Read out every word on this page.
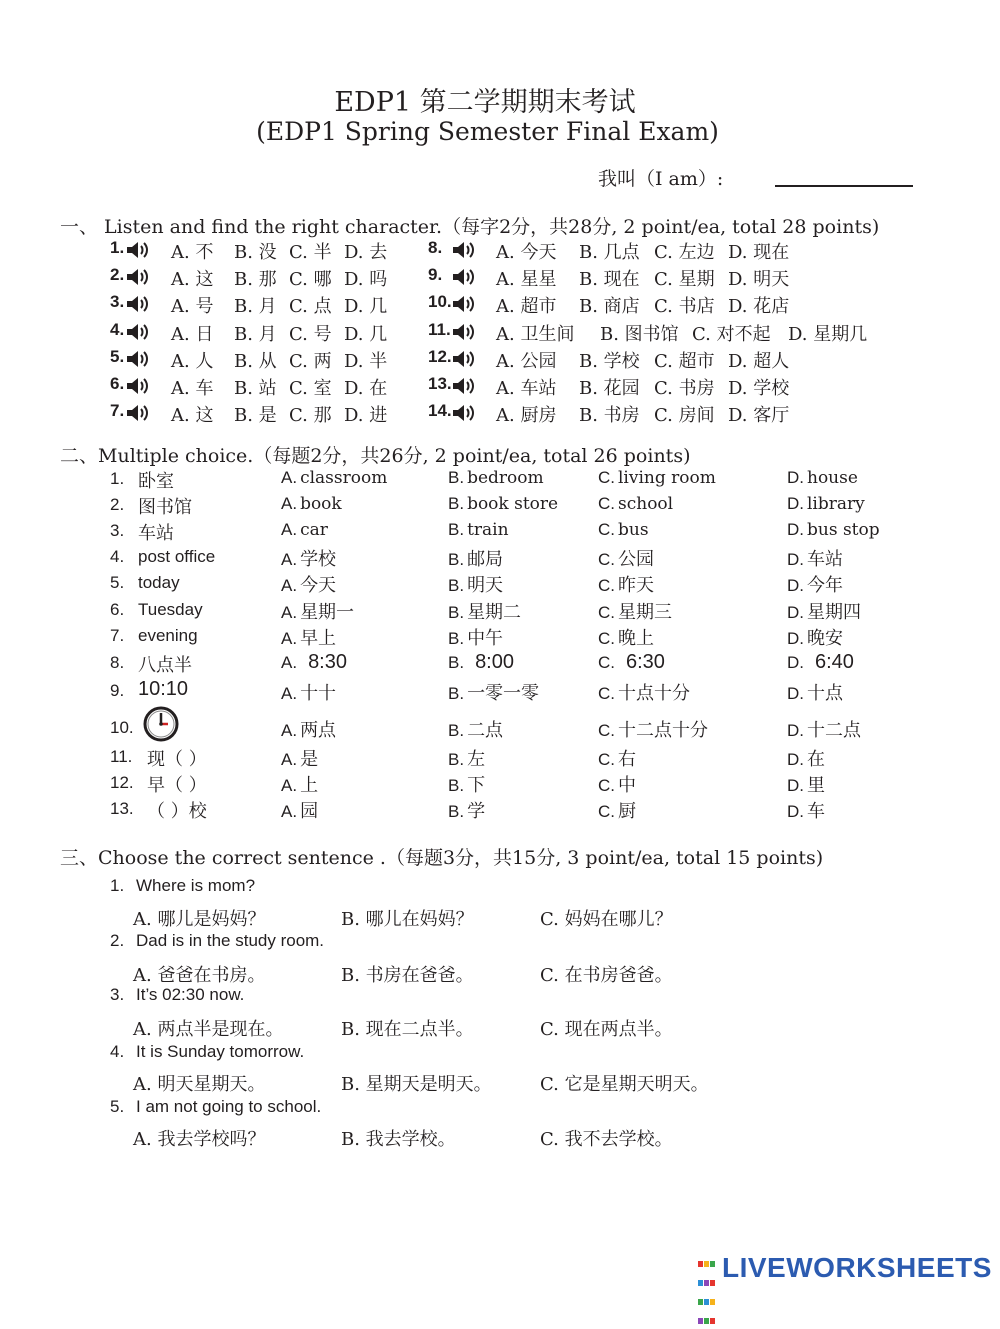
EDP1 第二学期期末考试
(EDP1 Spring Semester Final Exam)
我叫（I am）:
一、 Listen and find the right character.（每字2分，共28分, 2 point/ea, total 28 points)
1.	A. 不 B. 没 C. 半 D. 去
2.	A. 这 B. 那 C. 哪 D. 吗
3.	A. 号 B. 月 C. 点 D. 几
4.	A. 日 B. 月 C. 号 D. 几
5.	A. 人 B. 从 C. 两 D. 半
6.	A. 车 B. 站 C. 室 D. 在
7.	A. 这 B. 是 C. 那 D. 进
8.	A. 今天 B. 几点 C. 左边 D. 现在
9.	A. 星星 B. 现在 C. 星期 D. 明天
10. A. 超市 B. 商店 C. 书店 D. 花店
11.	A. 卫生间 B. 图书馆 C. 对不起 D. 星期几
12. A. 公园 B. 学校 C. 超市 D. 超人
13. A. 车站 B. 花园 C. 书房 D. 学校
14. A. 厨房 B. 书房 C. 房间 D. 客厅
二、Multiple choice.（每题2分，共26分, 2 point/ea, total 26 points)
1. 卧室	A. classroom	B. bedroom	C. living room	D. house
2. 图书馆	A. book	B. book store C. school	D. library
3. 车站	A. car	B. train	C. bus	D. bus stop
4. post office	A. 学校	B. 邮局	C. 公园	D. 车站
5. today	A. 今天	B. 明天	C. 昨天	D. 今年
6. Tuesday	A. 星期一	B. 星期二	C. 星期三	D. 星期四
7. evening	A. 早上	B. 中午	C. 晚上	D. 晚安
8. 八点半	A. 8:30	B. 8:00	C. 6:30	D. 6:40
9. 10:10	A. 十十	B. 一零一零	C. 十点十分	D. 十点
10.	A. 两点	B. 二点	C. 十二点十分	D. 十二点
11. 现（ ）	A. 是	B. 左	C. 右	D. 在
12. 早（ ）	A. 上	B. 下	C. 中	D. 里
13. （ ）校	A. 园	B. 学	C. 厨	D. 车
三、Choose the correct sentence .（每题3分，共15分, 3 point/ea, total 15 points)
1. Where is mom?
A. 哪儿是妈妈？	B. 哪儿在妈妈？	C. 妈妈在哪儿？
2. Dad is in the study room.
A. 爸爸在书房。	B. 书房在爸爸。	C. 在书房爸爸。
3. It’s 02:30 now.
A. 两点半是现在。	B. 现在二点半。	C. 现在两点半。
4. It is Sunday tomorrow.
A. 明天星期天。	B. 星期天是明天。	C. 它是星期天明天。
5. I am not going to school.
A. 我去学校吗？	B. 我去学校。	C. 我不去学校。
LIVEWORKSHEETS
